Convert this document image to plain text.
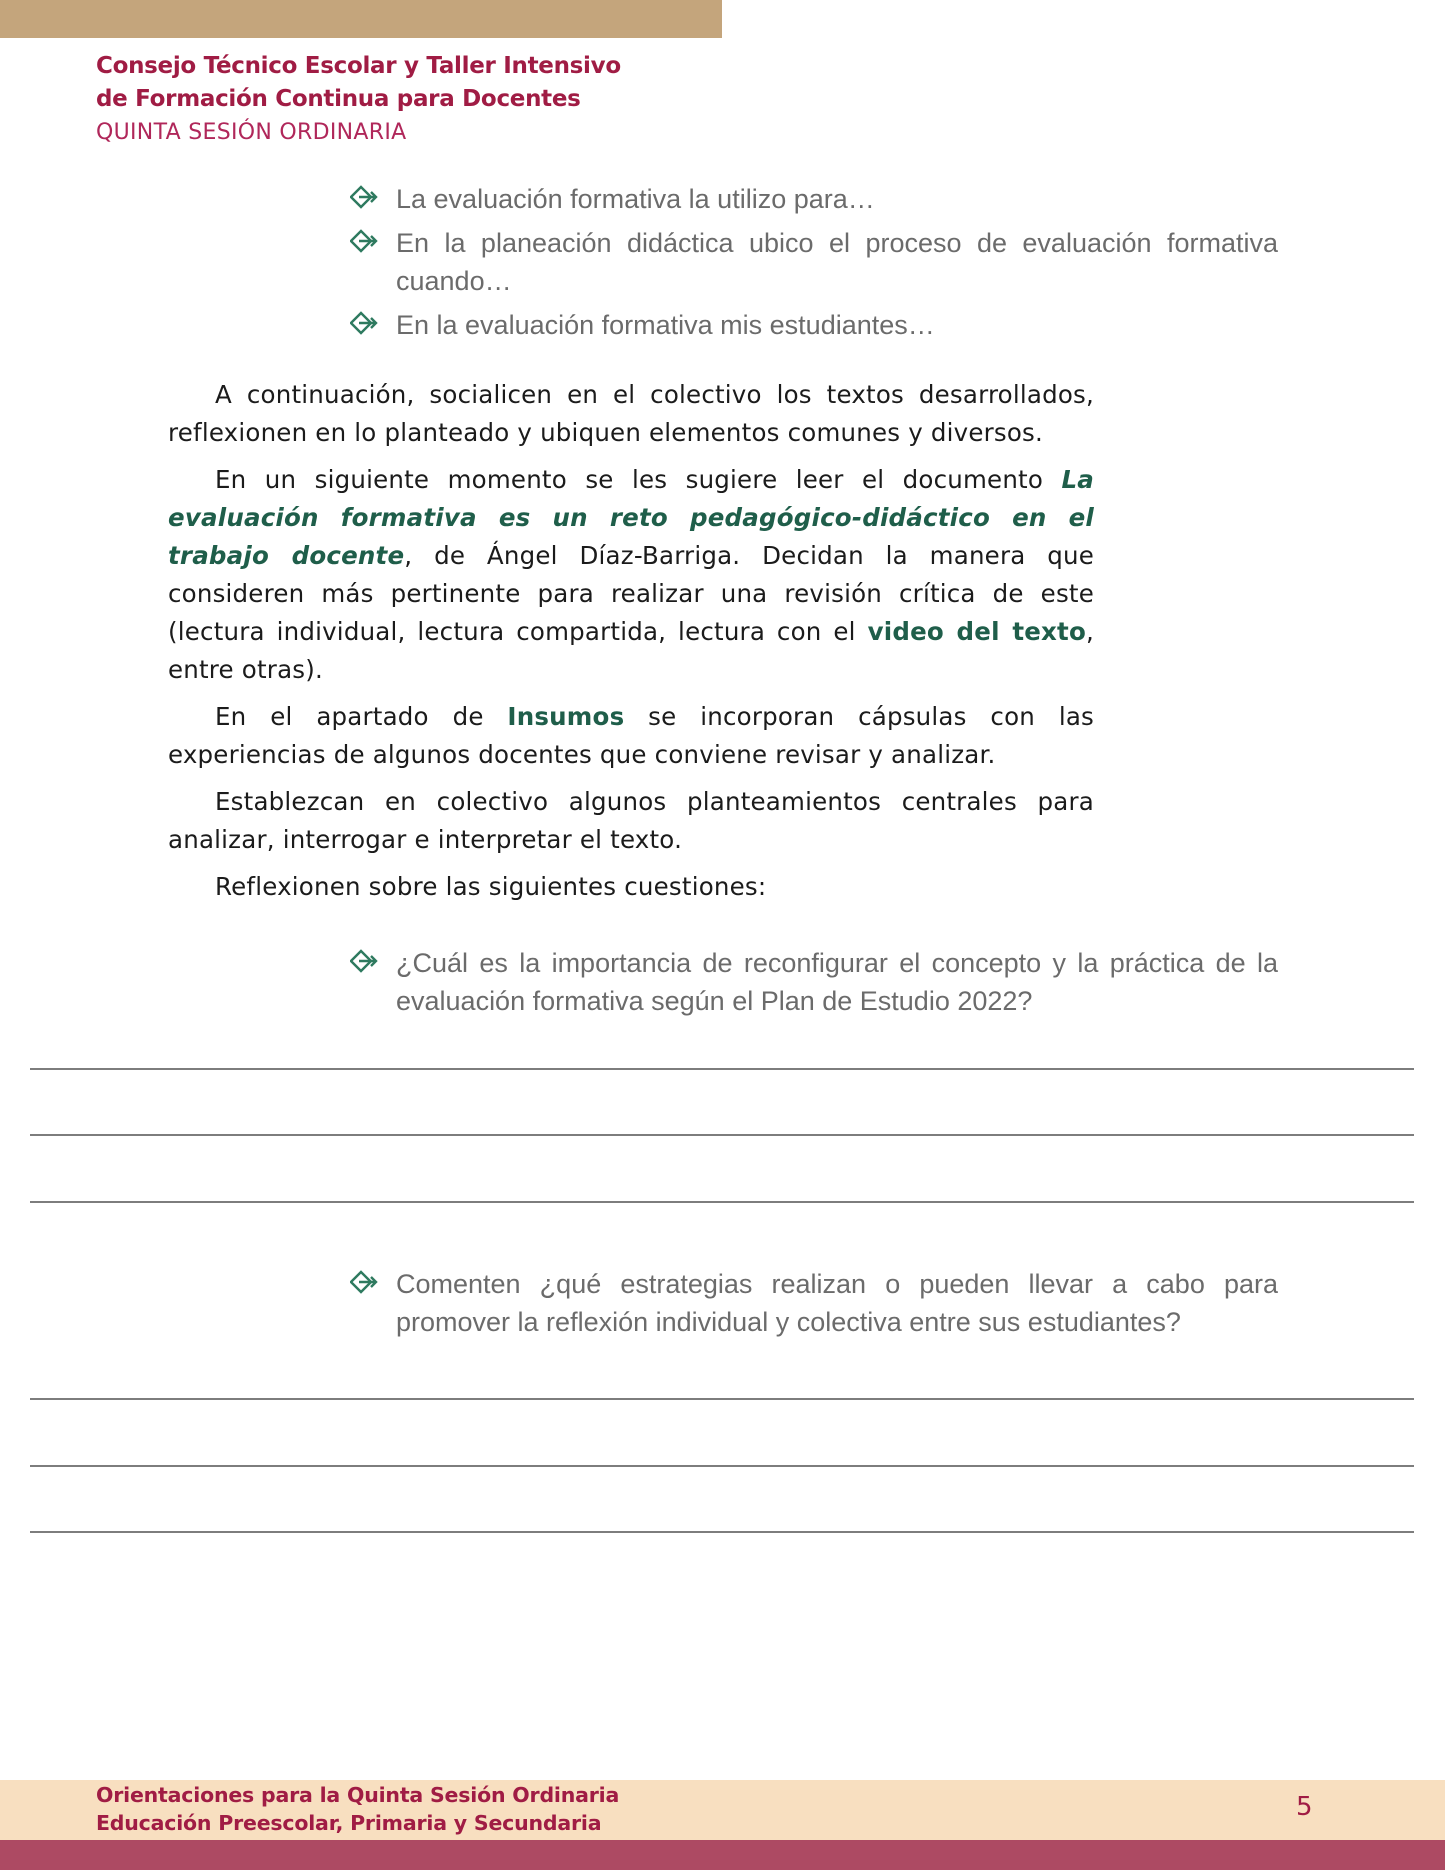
Consejo Técnico Escolar y Taller Intensivo
de Formación Continua para Docentes
QUINTA SESIÓN ORDINARIA
La evaluación formativa la utilizo para…
En la planeación didáctica ubico el proceso de evaluación formativa cuando…
En la evaluación formativa mis estudiantes…

A continuación, socialicen en el colectivo los textos desarrollados, reflexionen en lo planteado y ubiquen elementos comunes y diversos.

En un siguiente momento se les sugiere leer el documento La evaluación formativa es un reto pedagógico-didáctico en el trabajo docente, de Ángel Díaz-Barriga. Decidan la manera que consideren más pertinente para realizar una revisión crítica de este (lectura individual, lectura compartida, lectura con el video del texto, entre otras).

En el apartado de Insumos se incorporan cápsulas con las experiencias de algunos docentes que conviene revisar y analizar.

Establezcan en colectivo algunos planteamientos centrales para analizar, interrogar e interpretar el texto.

Reflexionen sobre las siguientes cuestiones:

¿Cuál es la importancia de reconfigurar el concepto y la práctica de la evaluación formativa según el Plan de Estudio 2022?
Comenten ¿qué estrategias realizan o pueden llevar a cabo para promover la reflexión individual y colectiva entre sus estudiantes?
Orientaciones para la Quinta Sesión Ordinaria
Educación Preescolar, Primaria y Secundaria
5
